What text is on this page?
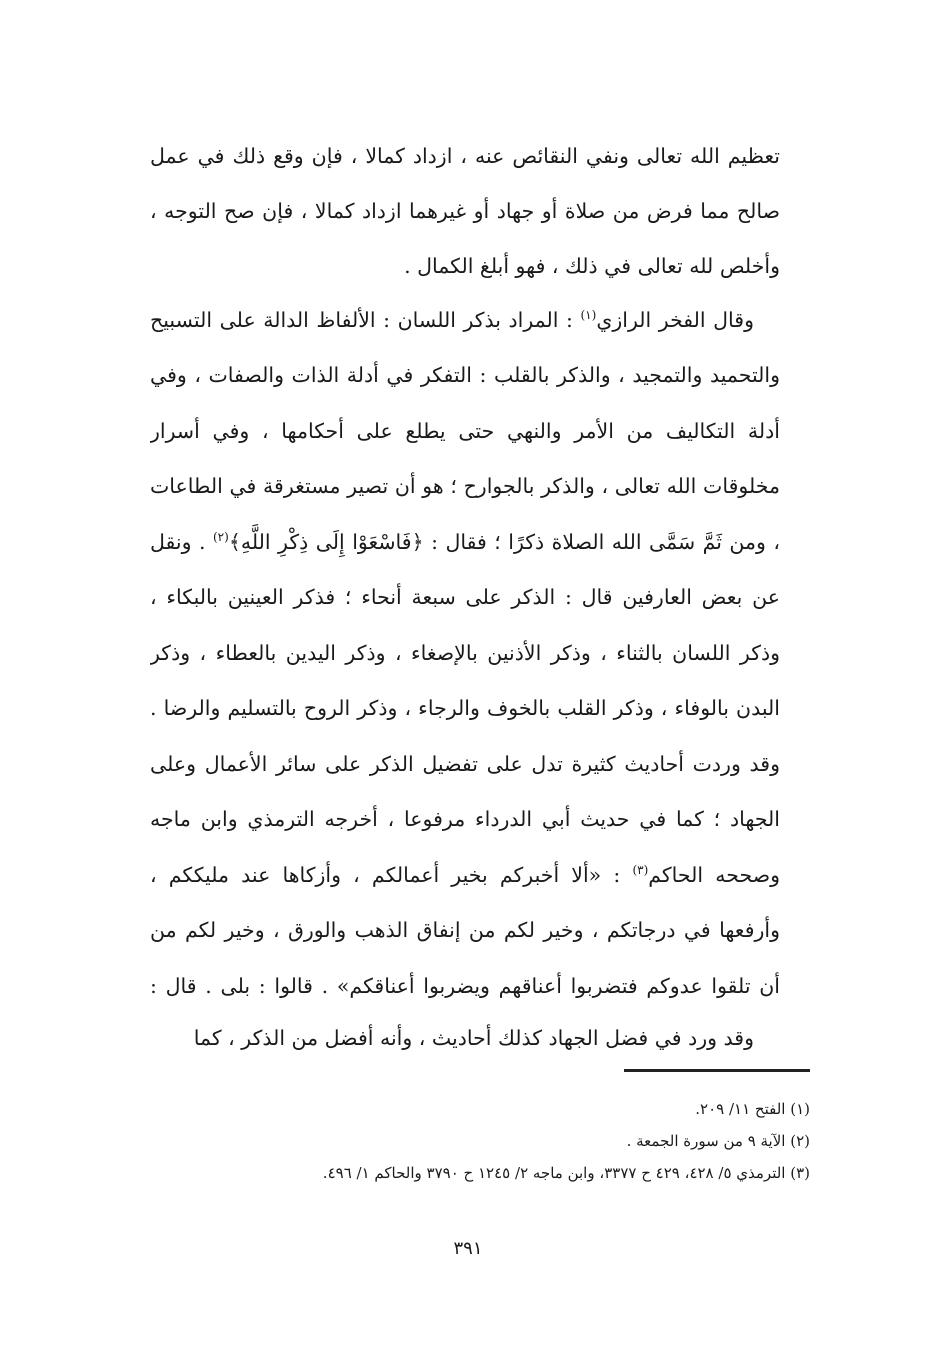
تعظيم الله تعالى ونفي النقائص عنه ، ازداد كمالا ، فإن وقع ذلك في عمل صالح مما فرض من صلاة أو جهاد أو غيرهما ازداد كمالا ، فإن صح التوجه ، وأخلص لله تعالى في ذلك ، فهو أبلغ الكمال .

وقال الفخر الرازي$^{(١)}$ : المراد بذكر اللسان : الألفاظ الدالة على التسبيح والتحميد والتمجيد ، والذكر بالقلب : التفكر في أدلة الذات والصفات ، وفي أدلة التكاليف من الأمر والنهي حتى يطلع على أحكامها ، وفي أسرار مخلوقات الله تعالى ، والذكر بالجوارح ؛ هو أن تصير مستغرقة في الطاعات ، ومن ثَمَّ سَمَّى الله الصلاة ذكرًا ؛ فقال : ﴿فَاسْعَوْا إِلَى ذِكْرِ اللَّهِ﴾$^{(٢)}$ . ونقل عن بعض العارفين قال : الذكر على سبعة أنحاء ؛ فذكر العينين بالبكاء ، وذكر اللسان بالثناء ، وذكر الأذنين بالإصغاء ، وذكر اليدين بالعطاء ، وذكر البدن بالوفاء ، وذكر القلب بالخوف والرجاء ، وذكر الروح بالتسليم والرضا . وقد وردت أحاديث كثيرة تدل على تفضيل الذكر على سائر الأعمال وعلى الجهاد ؛ كما في حديث أبي الدرداء مرفوعا ، أخرجه الترمذي وابن ماجه وصححه الحاكم$^{(٣)}$ : «ألا أخبركم بخير أعمالكم ، وأزكاها عند مليككم ، وأرفعها في درجاتكم ، وخير لكم من إنفاق الذهب والورق ، وخير لكم من أن تلقوا عدوكم فتضربوا أعناقهم ويضربوا أعناقكم» . قالوا : بلى . قال :

وقد ورد في فضل الجهاد كذلك أحاديث ، وأنه أفضل من الذكر ، كما

(١) الفتح ١١/ ٢٠٩.
(٢) الآية ٩ من سورة الجمعة .
(٣) الترمذي ٥/ ٤٢٨، ٤٢٩ ح ٣٣٧٧، وابن ماجه ٢/ ١٢٤٥ ح ٣٧٩٠ والحاكم ١/ ٤٩٦.
٣٩١
